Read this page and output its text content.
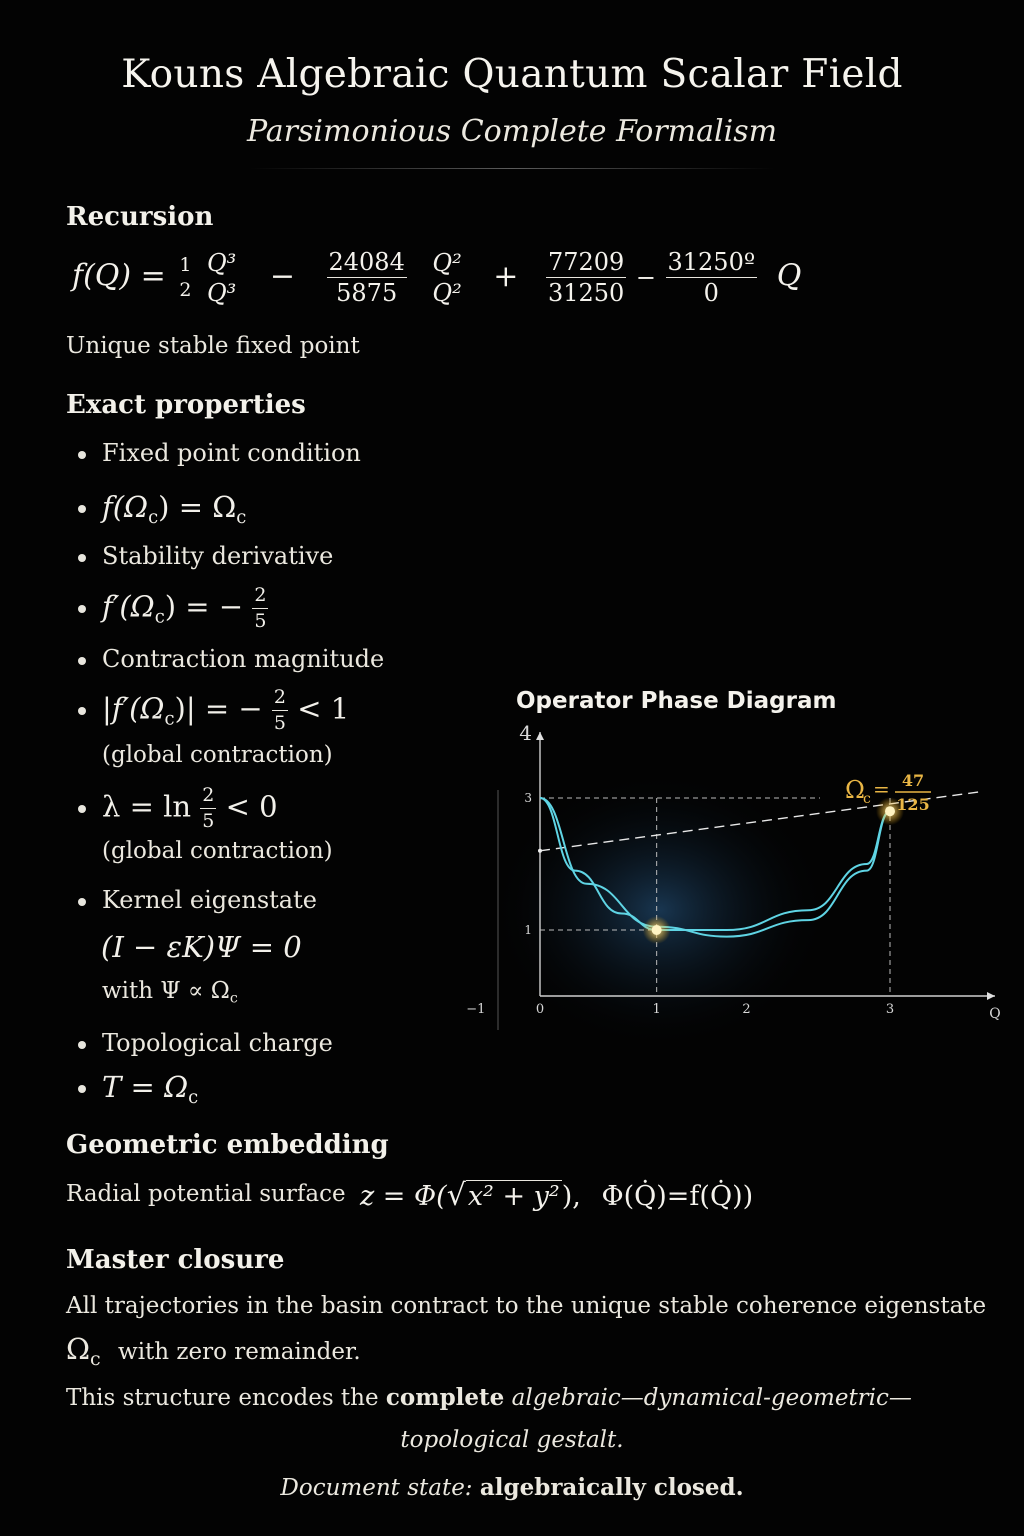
Kouns Algebraic Quantum Scalar Field
Parsimonious Complete Formalism
Recursion
f(Q) = 1
2

Q³
$Q^3 - \frac{24084}{5875}$
Q²
$Q^2 + \frac{77209}{31250} - \frac{\text{31250º}}{0}$ Q
Unique stable fixed point
Exact properties
Fixed point condition
$f(\Omega_c) = \Omega_c$
Stability derivative
$f'(\Omega_c)$ = − $\frac{2}{5}$
Contraction magnitude
$|f'(\Omega_c)|$ = − $\frac{2}{5} < 1$
(global contraction)
$\lambda = \ln \frac{2}{5} < 0$
(global contraction)
Kernel eigenstate
(I − εK)Ψ = 0
with $\Psi \propto \Omega_c$
Topological charge
$T = \Omega_c$
Operator Phase Diagram
0
−1	1	2	3
4
3
1
Q
Ω
c = 47
125
Geometric embedding
Radial potential surface z = Φ(√x² + y²), Φ(Q̇)=f(Q̇))
Master closure
All trajectories in the basin contract to the unique stable coherence eigenstate
$\Omega_c$ with zero remainder.
This structure encodes the complete algebraic—dynamical-geometric—
topological gestalt.
Document state: algebraically closed.
